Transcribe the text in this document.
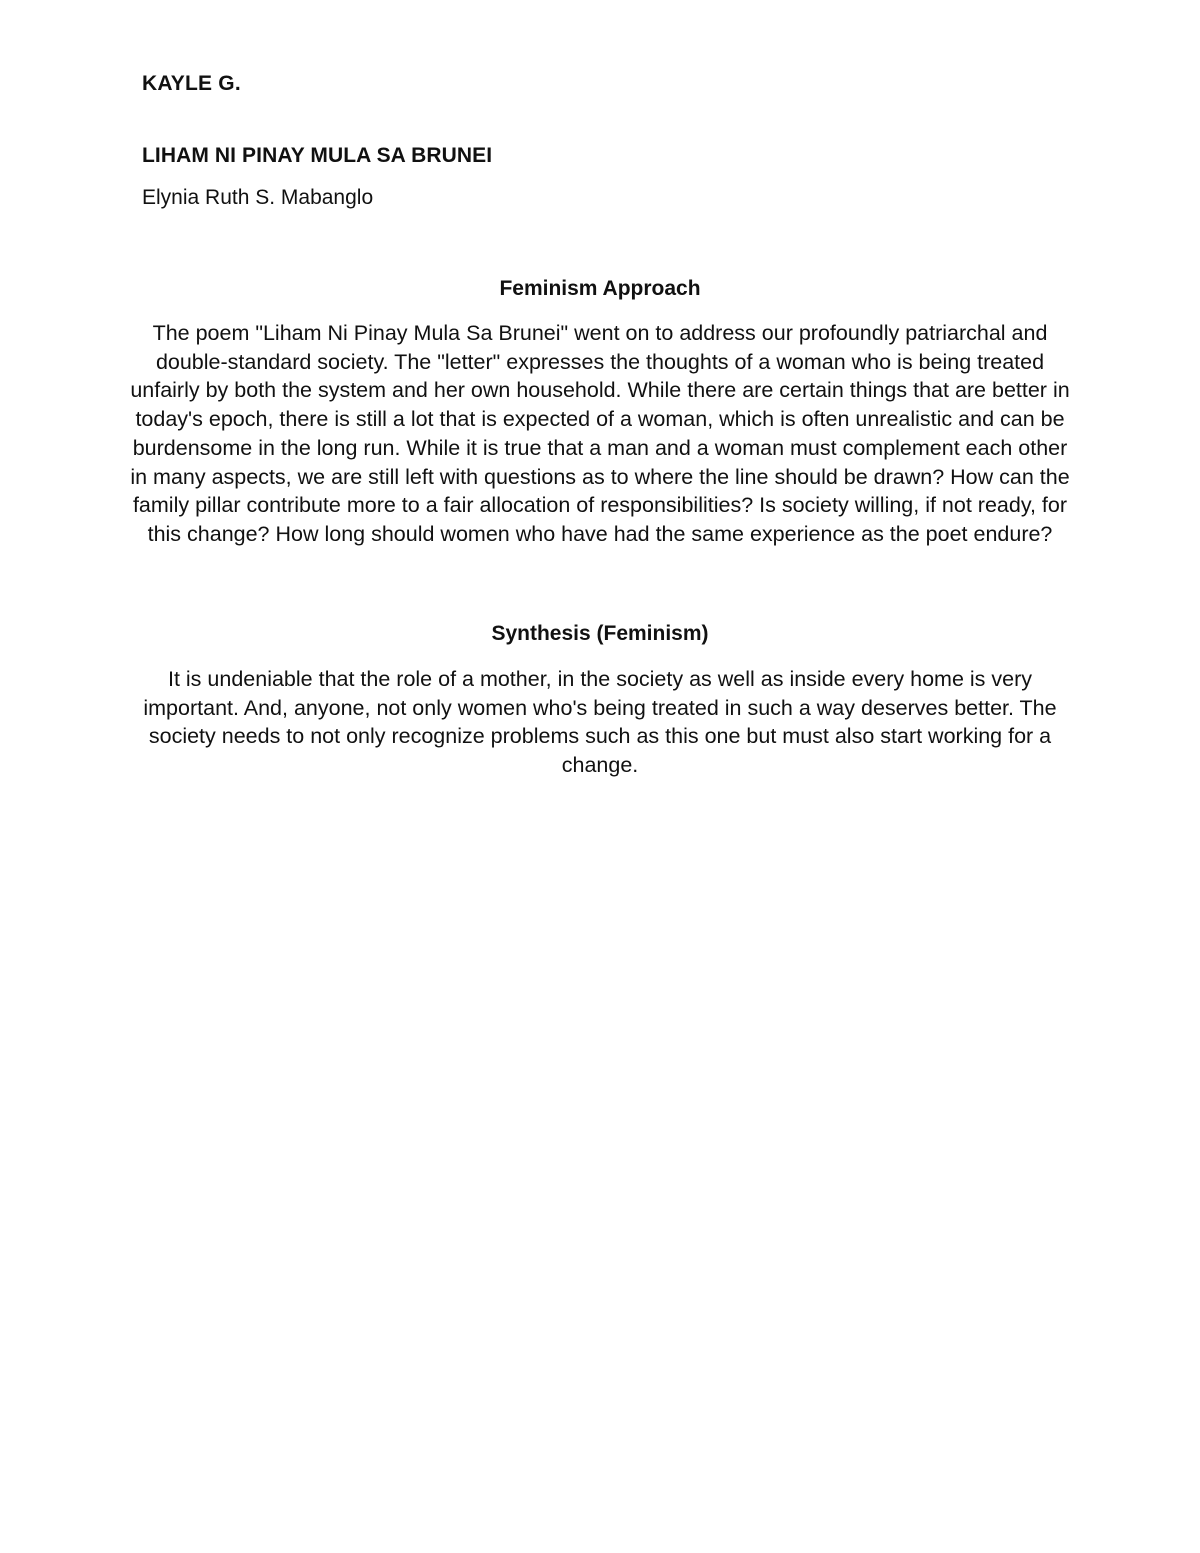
KAYLE G.
LIHAM NI PINAY MULA SA BRUNEI
Elynia Ruth S. Mabanglo
Feminism Approach

The poem "Liham Ni Pinay Mula Sa Brunei" went on to address our profoundly patriarchal and double-standard society. The "letter" expresses the thoughts of a woman who is being treated unfairly by both the system and her own household. While there are certain things that are better in today's epoch, there is still a lot that is expected of a woman, which is often unrealistic and can be burdensome in the long run. While it is true that a man and a woman must complement each other in many aspects, we are still left with questions as to where the line should be drawn? How can the family pillar contribute more to a fair allocation of responsibilities? Is society willing, if not ready, for this change? How long should women who have had the same experience as the poet endure?

Synthesis (Feminism)

It is undeniable that the role of a mother, in the society as well as inside every home is very important. And, anyone, not only women who's being treated in such a way deserves better. The society needs to not only recognize problems such as this one but must also start working for a change.
